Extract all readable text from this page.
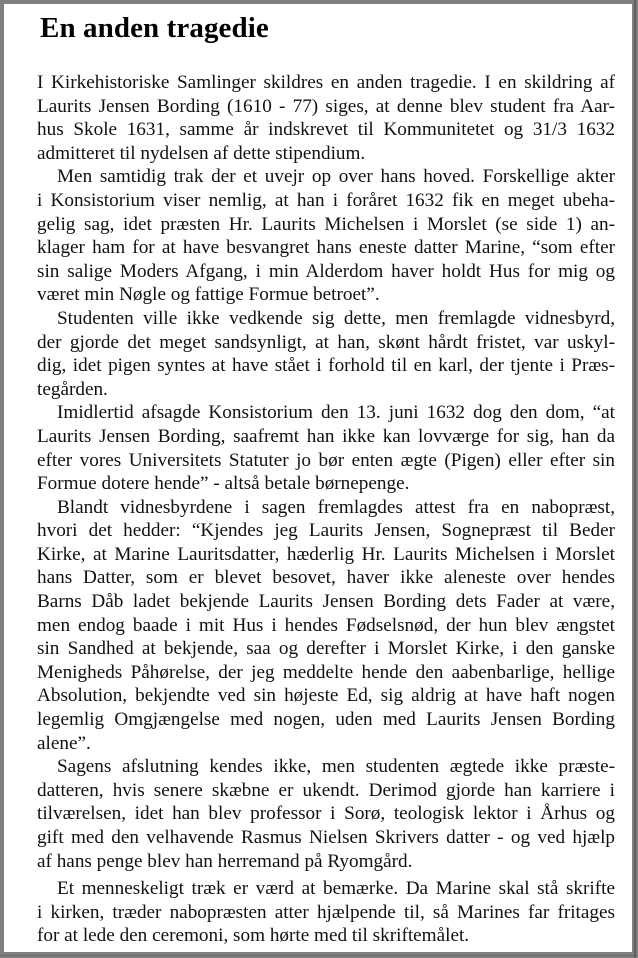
En anden tragedie
I Kirkehistoriske Samlinger skildres en anden tragedie. I en skildring af
Laurits Jensen Bording (1610 - 77) siges, at denne blev student fra Aar-
hus Skole 1631, samme år indskrevet til Kommunitetet og 31/3 1632
admitteret til nydelsen af dette stipendium.
Men samtidig trak der et uvejr op over hans hoved. Forskellige akter
i Konsistorium viser nemlig, at han i foråret 1632 fik en meget ubeha-
gelig sag, idet præsten Hr. Laurits Michelsen i Morslet (se side 1) an-
klager ham for at have besvangret hans eneste datter Marine, “som efter
sin salige Moders Afgang, i min Alderdom haver holdt Hus for mig og
været min Nøgle og fattige Formue betroet”.
Studenten ville ikke vedkende sig dette, men fremlagde vidnesbyrd,
der gjorde det meget sandsynligt, at han, skønt hårdt fristet, var uskyl-
dig, idet pigen syntes at have stået i forhold til en karl, der tjente i Præs-
tegården.
Imidlertid afsagde Konsistorium den 13. juni 1632 dog den dom, “at
Laurits Jensen Bording, saafremt han ikke kan lovværge for sig, han da
efter vores Universitets Statuter jo bør enten ægte (Pigen) eller efter sin
Formue dotere hende” - altså betale børnepenge.
Blandt vidnesbyrdene i sagen fremlagdes attest fra en nabopræst,
hvori det hedder: “Kjendes jeg Laurits Jensen, Sognepræst til Beder
Kirke, at Marine Lauritsdatter, hæderlig Hr. Laurits Michelsen i Morslet
hans Datter, som er blevet besovet, haver ikke aleneste over hendes
Barns Dåb ladet bekjende Laurits Jensen Bording dets Fader at være,
men endog baade i mit Hus i hendes Fødselsnød, der hun blev ængstet
sin Sandhed at bekjende, saa og derefter i Morslet Kirke, i den ganske
Menigheds Påhørelse, der jeg meddelte hende den aabenbarlige, hellige
Absolution, bekjendte ved sin højeste Ed, sig aldrig at have haft nogen
legemlig Omgjængelse med nogen, uden med Laurits Jensen Bording
alene”.
Sagens afslutning kendes ikke, men studenten ægtede ikke præste-
datteren, hvis senere skæbne er ukendt. Derimod gjorde han karriere i
tilværelsen, idet han blev professor i Sorø, teologisk lektor i Århus og
gift med den velhavende Rasmus Nielsen Skrivers datter - og ved hjælp
af hans penge blev han herremand på Ryomgård.
Et menneskeligt træk er værd at bemærke. Da Marine skal stå skrifte
i kirken, træder nabopræsten atter hjælpende til, så Marines far fritages
for at lede den ceremoni, som hørte med til skriftemålet.
